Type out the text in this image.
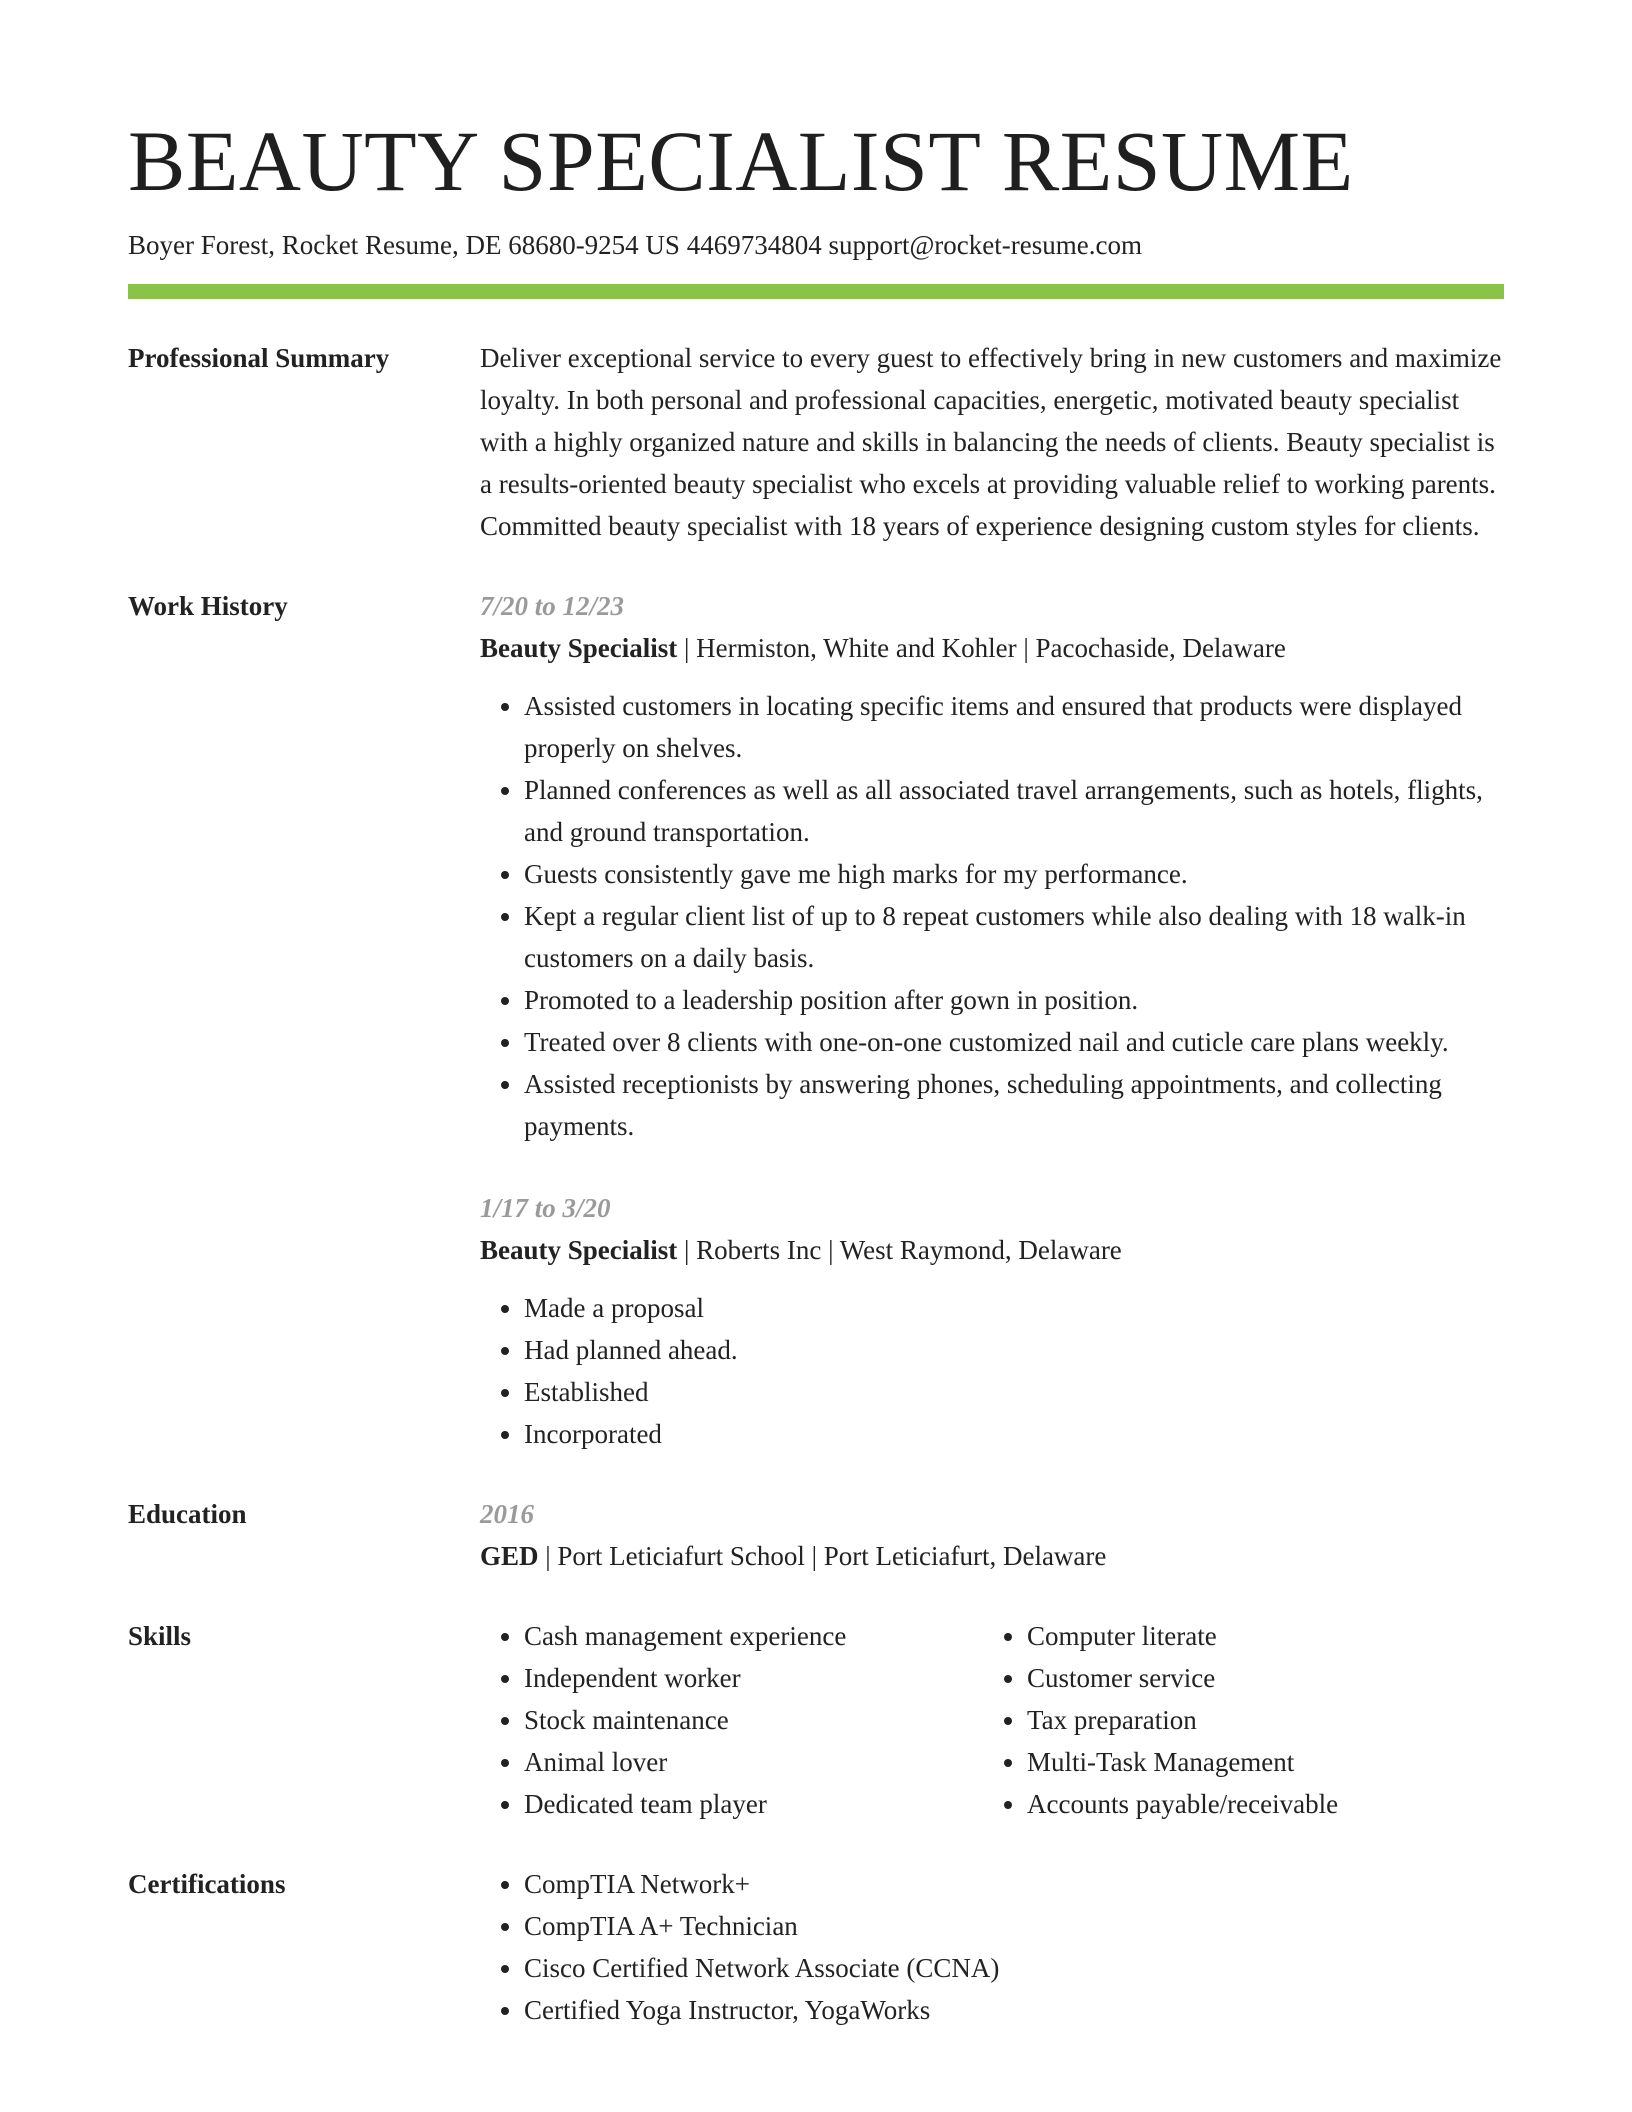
BEAUTY SPECIALIST RESUME
Boyer Forest, Rocket Resume, DE 68680-9254 US 4469734804 support@rocket-resume.com
Professional Summary	Deliver exceptional service to every guest to effectively bring in new customers and maximize loyalty. In both personal and professional capacities, energetic, motivated beauty specialist with a highly organized nature and skills in balancing the needs of clients. Beauty specialist is a results-oriented beauty specialist who excels at providing valuable relief to working parents. Committed beauty specialist with 18 years of experience designing custom styles for clients.

Work History	7/20 to 12/23
Beauty Specialist | Hermiston, White and Kohler | Pacochaside, Delaware
• Assisted customers in locating specific items and ensured that products were displayed properly on shelves.
• Planned conferences as well as all associated travel arrangements, such as hotels, flights, and ground transportation.
• Guests consistently gave me high marks for my performance.
• Kept a regular client list of up to 8 repeat customers while also dealing with 18 walk-in customers on a daily basis.
• Promoted to a leadership position after gown in position.
• Treated over 8 clients with one-on-one customized nail and cuticle care plans weekly.
• Assisted receptionists by answering phones, scheduling appointments, and collecting payments.
1/17 to 3/20
Beauty Specialist | Roberts Inc | West Raymond, Delaware
• Made a proposal
• Had planned ahead.
• Established
• Incorporated
Education	2016
GED | Port Leticiafurt School | Port Leticiafurt, Delaware
Skills	• Cash management experience
• Independent worker
• Stock maintenance
• Animal lover
• Dedicated team player
• Computer literate
• Customer service
• Tax preparation
• Multi-Task Management
• Accounts payable/receivable
Certifications	• CompTIA Network+
• CompTIA A+ Technician
• Cisco Certified Network Associate (CCNA)
• Certified Yoga Instructor, YogaWorks
